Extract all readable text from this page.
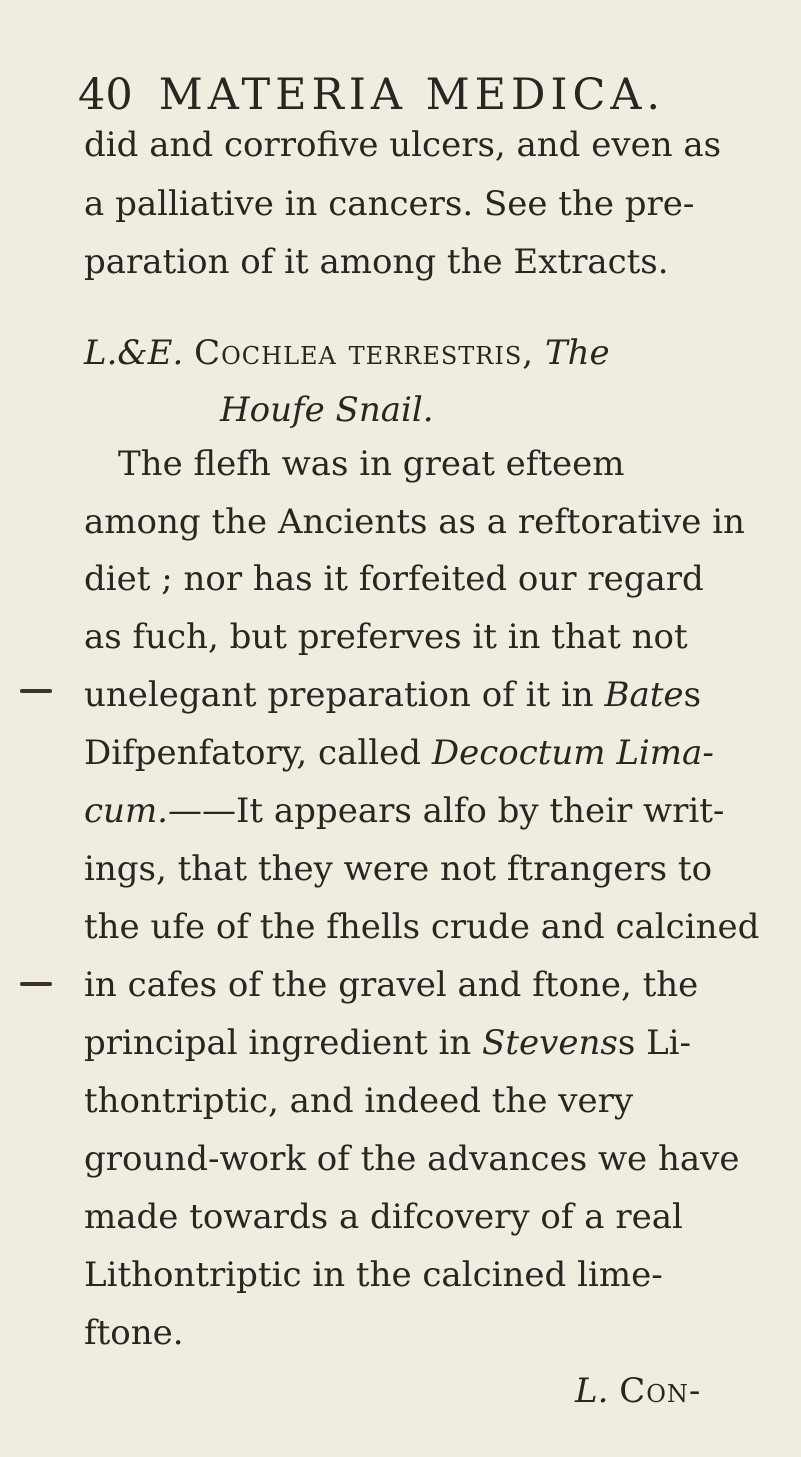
40 MATERIA MEDICA.
did and corrofive ulcers, and even as
a palliative in cancers. See the pre-
paration of it among the Extracts.
L.&E. Cochlea terrestris, The
Houfe Snail.
The flefh was in great efteem
among the Ancients as a reftorative in
diet ; nor has it forfeited our regard
as fuch, but preferves it in that not
unelegant preparation of it in Bates
Difpenfatory, called Decoctum Lima-
cum.——It appears alfo by their writ-
ings, that they were not ftrangers to
the ufe of the fhells crude and calcined
in cafes of the gravel and ftone, the
principal ingredient in Stevenss Li-
thontriptic, and indeed the very
ground-work of the advances we have
made towards a difcovery of a real
Lithontriptic in the calcined lime-
ftone.
L. Con-
